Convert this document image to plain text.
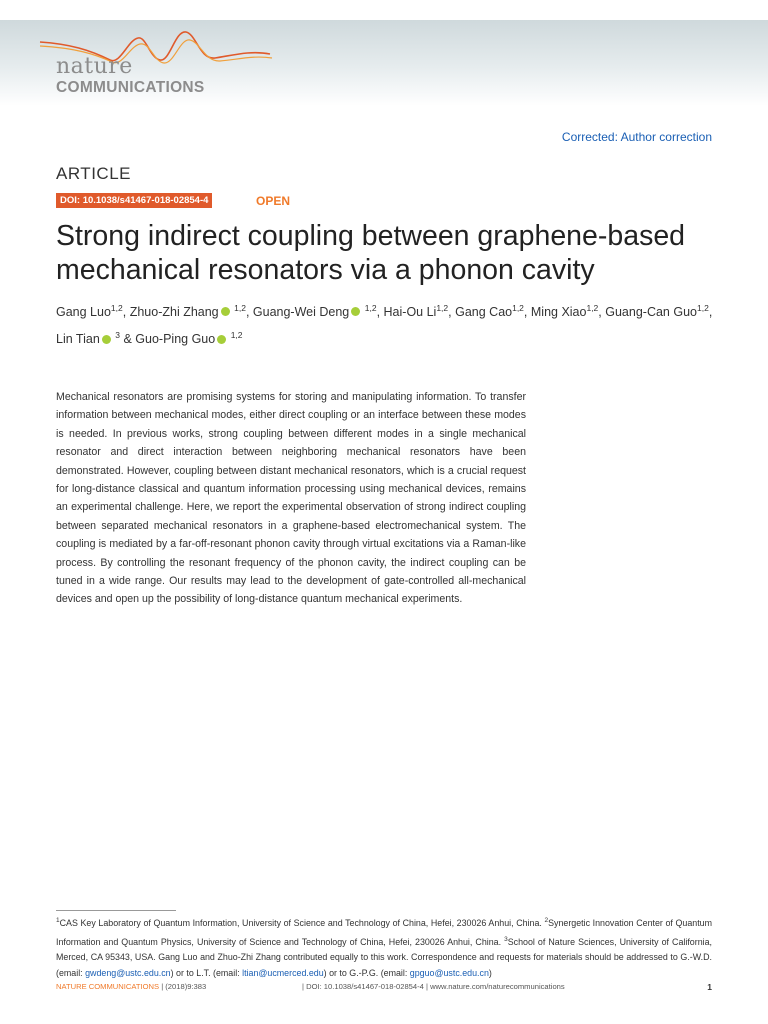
nature
COMMUNICATIONS
Corrected: Author correction
ARTICLE
DOI: 10.1038/s41467-018-02854-4	OPEN
Strong indirect coupling between graphene-based mechanical resonators via a phonon cavity
Gang Luo$^{1,2}$, Zhuo-Zhi Zhang $^{1,2}$, Guang-Wei Deng $^{1,2}$, Hai-Ou Li$^{1,2}$, Gang Cao$^{1,2}$, Ming Xiao$^{1,2}$, Guang-Can Guo$^{1,2}$, Lin Tian $^3$ & Guo-Ping Guo $^{1,2}$

Mechanical resonators are promising systems for storing and manipulating information. To transfer information between mechanical modes, either direct coupling or an interface between these modes is needed. In previous works, strong coupling between different modes in a single mechanical resonator and direct interaction between neighboring mechanical resonators have been demonstrated. However, coupling between distant mechanical resonators, which is a crucial request for long-distance classical and quantum information processing using mechanical devices, remains an experimental challenge. Here, we report the experimental observation of strong indirect coupling between separated mechanical resonators in a graphene-based electromechanical system. The coupling is mediated by a far-off-resonant phonon cavity through virtual excitations via a Raman-like process. By controlling the resonant frequency of the phonon cavity, the indirect coupling can be tuned in a wide range. Our results may lead to the development of gate-controlled all-mechanical devices and open up the possibility of long-distance quantum mechanical experiments.

$^1$CAS Key Laboratory of Quantum Information, University of Science and Technology of China, Hefei, 230026 Anhui, China. $^2$Synergetic Innovation Center of Quantum Information and Quantum Physics, University of Science and Technology of China, Hefei, 230026 Anhui, China. $^3$School of Nature Sciences, University of California, Merced, CA 95343, USA. Gang Luo and Zhuo-Zhi Zhang contributed equally to this work. Correspondence and requests for materials should be addressed to G.-W.D. (email: gwdeng@ustc.edu.cn) or to L.T. (email: ltian@ucmerced.edu) or to G.-P.G. (email: gpguo@ustc.edu.cn)

NATURE COMMUNICATIONS | (2018)9:383	| DOI: 10.1038/s41467-018-02854-4 | www.nature.com/naturecommunications	1
